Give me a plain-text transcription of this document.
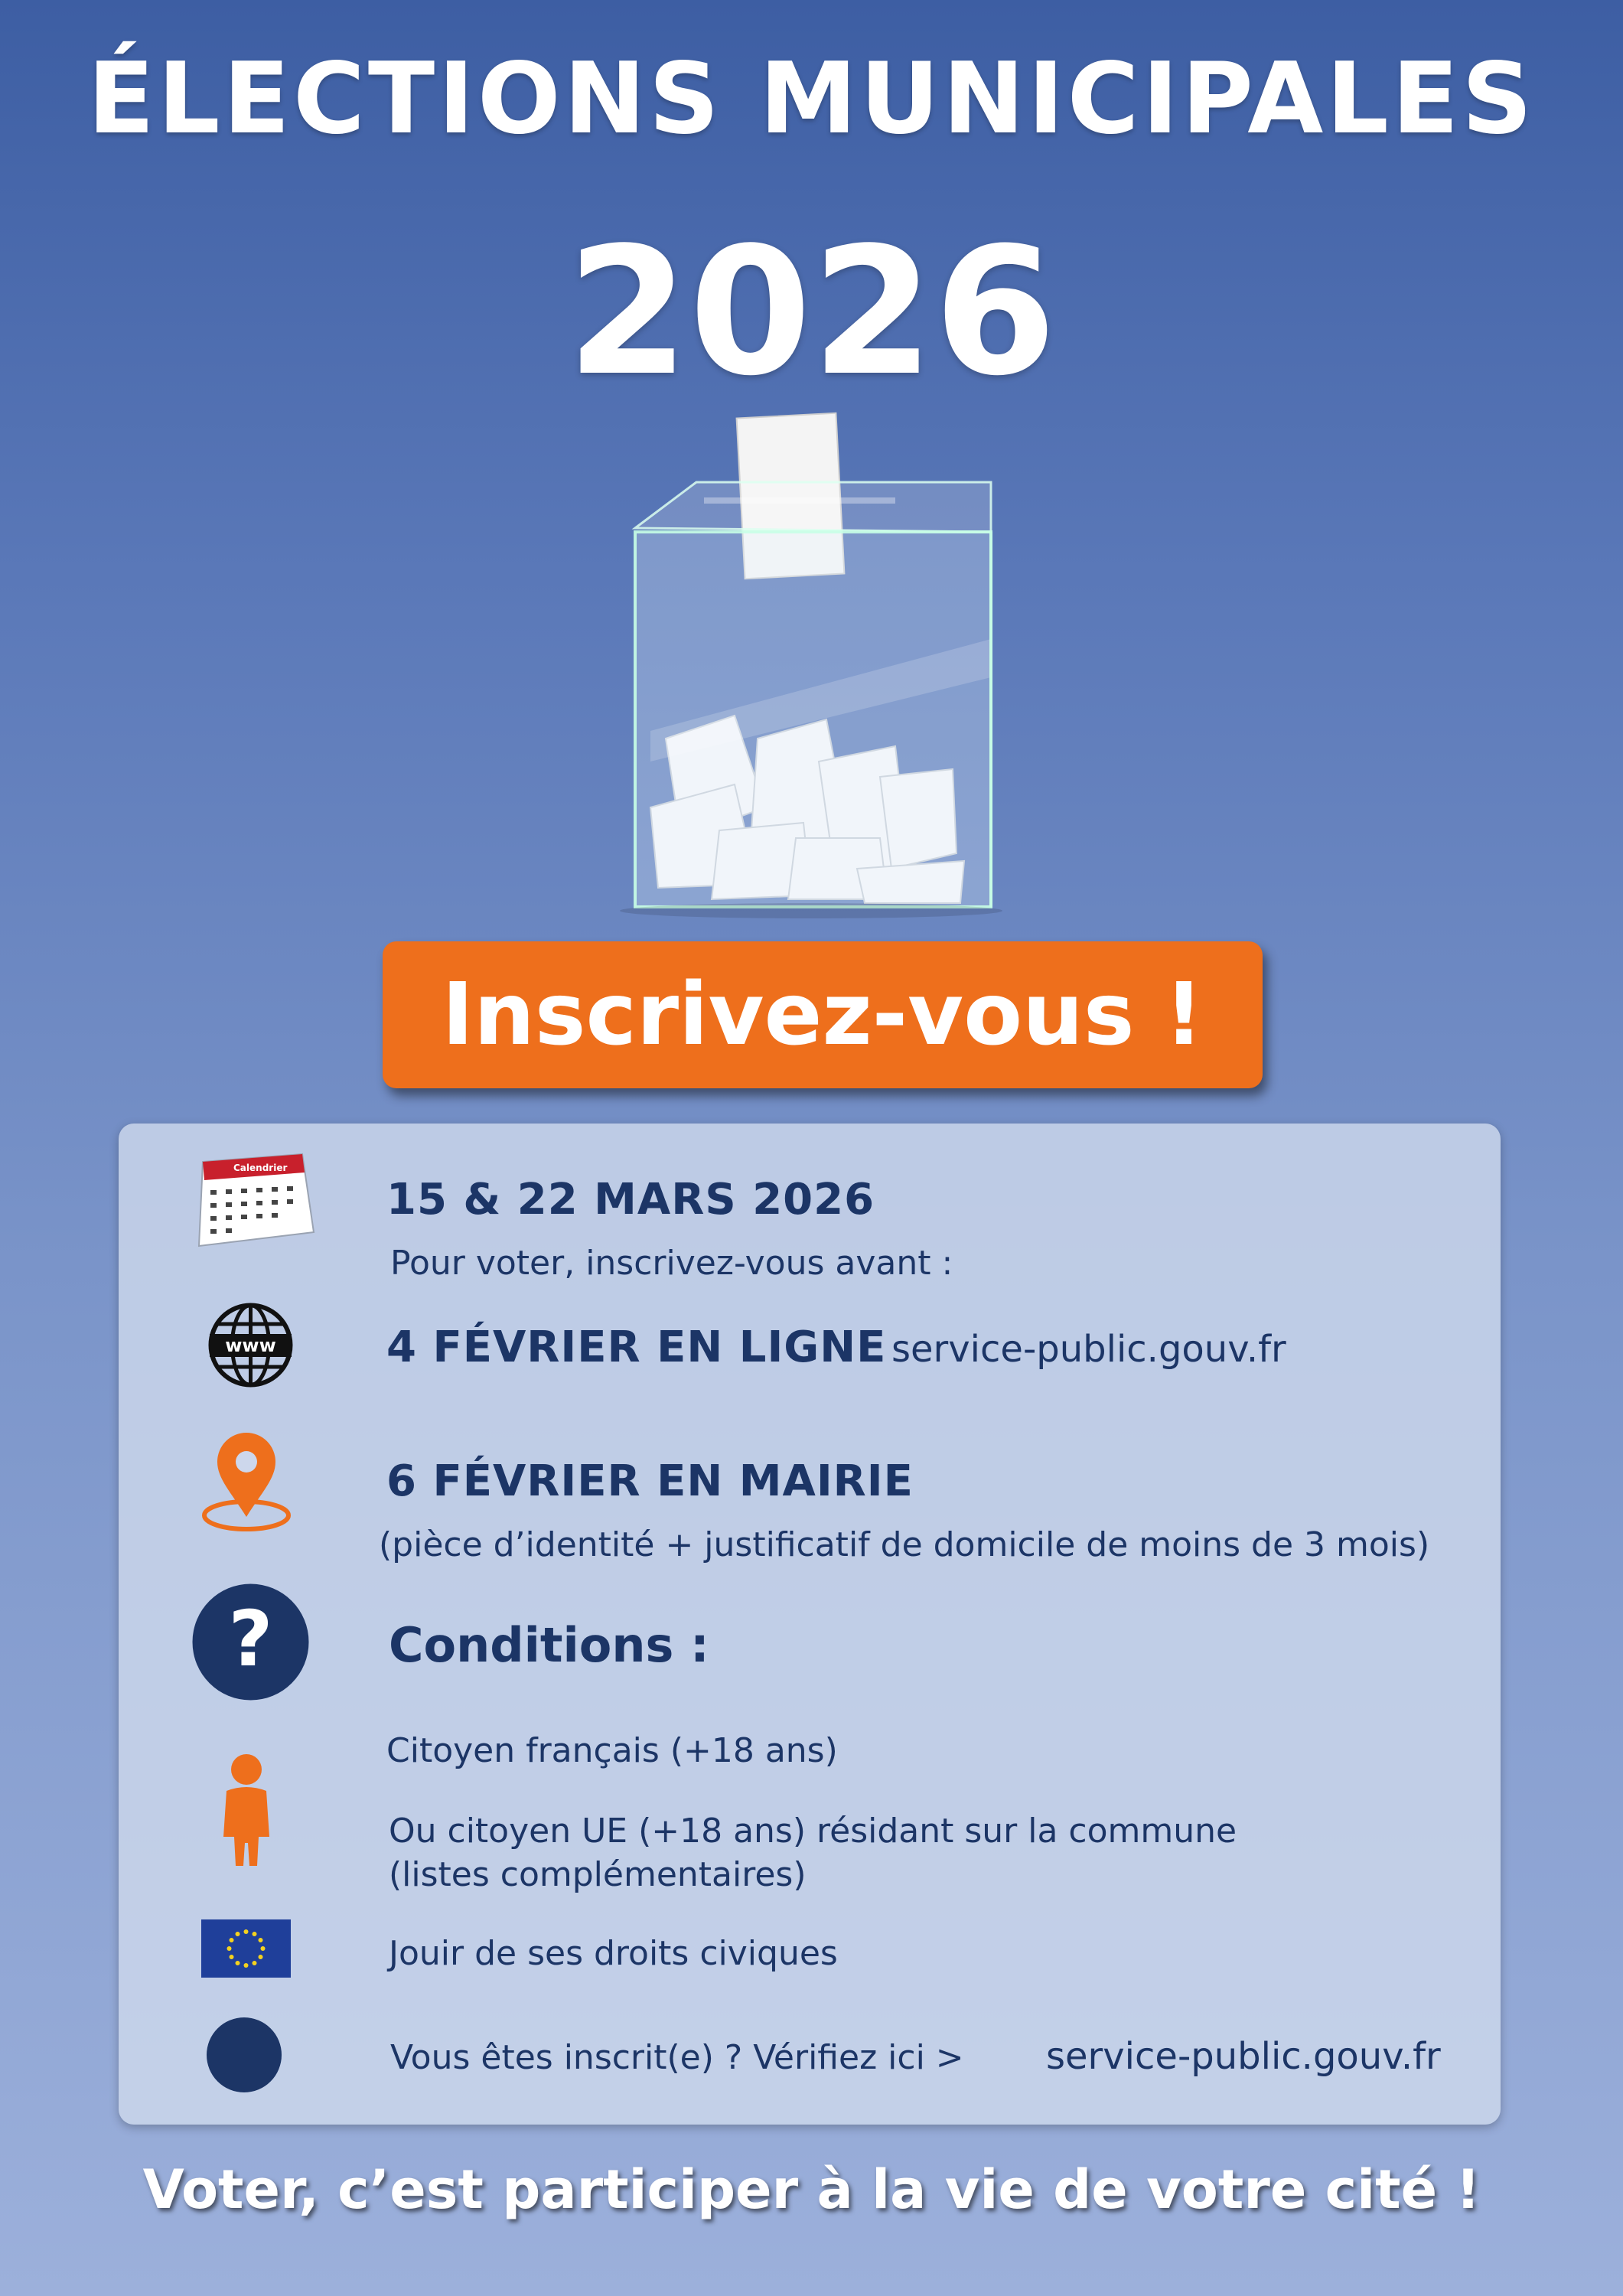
ÉLECTIONS MUNICIPALES
2026
Inscrivez-vous !
Calendrier
15 & 22 MARS 2026
Pour voter, inscrivez-vous avant :
www	4 FÉVRIER EN LIGNE service-public.gouv.fr
6 FÉVRIER EN MAIRIE
(pièce d’identité + justificatif de domicile de moins de 3 mois)
? Conditions :
Citoyen français (+18 ans)
Ou citoyen UE (+18 ans) résidant sur la commune
(listes complémentaires)
Jouir de ses droits civiques
Vous êtes inscrit(e) ? Vérifiez ici > service-public.gouv.fr
Voter, c’est participer à la vie de votre cité !
